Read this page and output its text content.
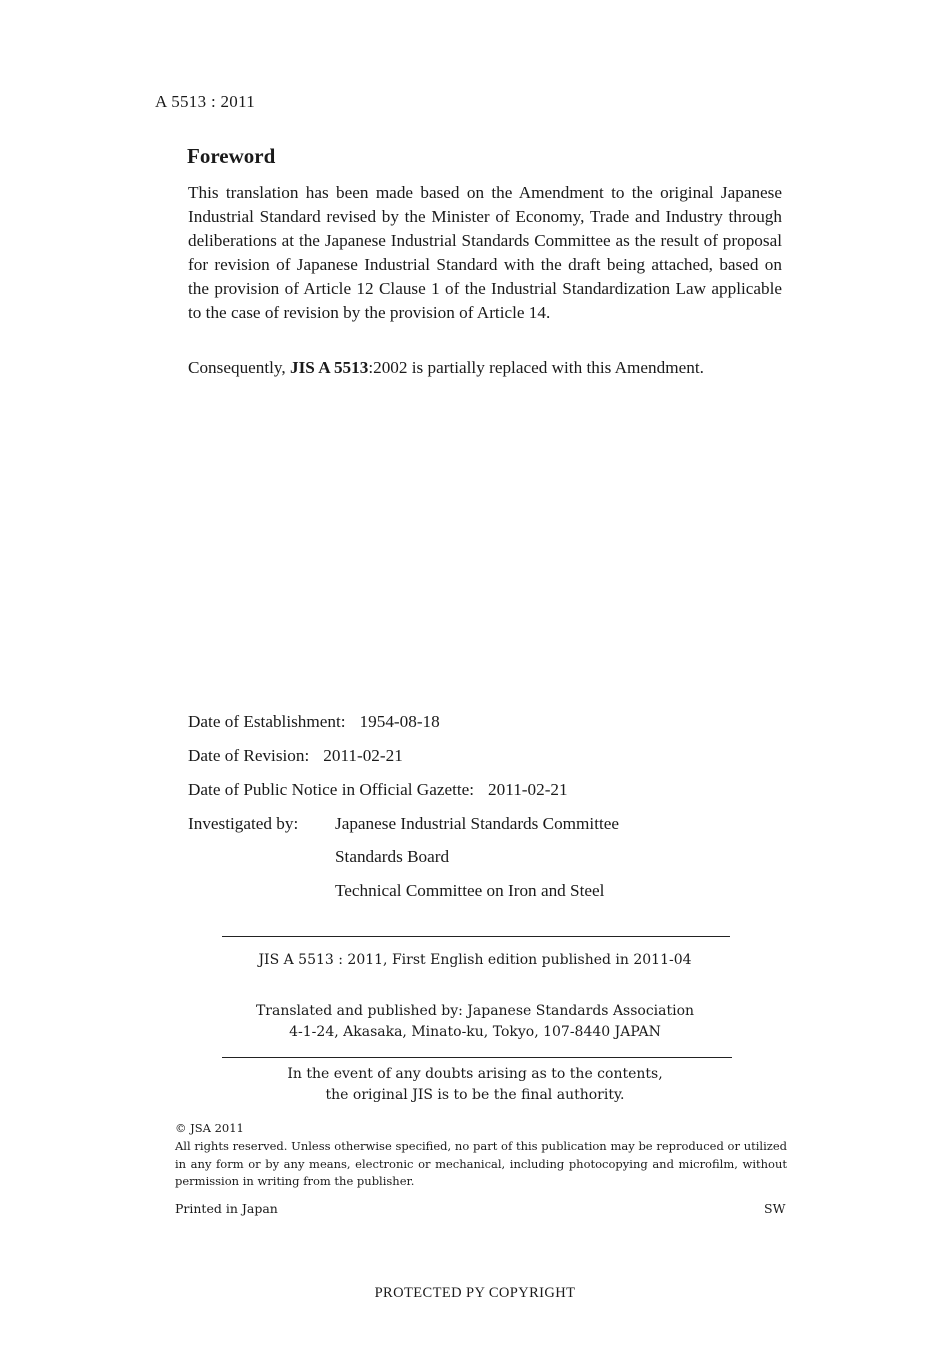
A 5513 : 2011
Foreword

This translation has been made based on the Amendment to the original Japanese Industrial Standard revised by the Minister of Economy, Trade and Industry through deliberations at the Japanese Industrial Standards Committee as the result of proposal for revision of Japanese Industrial Standard with the draft being attached, based on the provision of Article 12 Clause 1 of the Industrial Standardization Law applicable to the case of revision by the provision of Article 14.

Consequently, JIS A 5513:2002 is partially replaced with this Amendment.

Date of Establishment: 1954-08-18
Date of Revision: 2011-02-21
Date of Public Notice in Official Gazette: 2011-02-21
Investigated by: Japanese Industrial Standards Committee
Standards Board
Technical Committee on Iron and Steel
JIS A 5513 : 2011, First English edition published in 2011-04
Translated and published by: Japanese Standards Association
4-1-24, Akasaka, Minato-ku, Tokyo, 107-8440 JAPAN
In the event of any doubts arising as to the contents,
the original JIS is to be the final authority.
© JSA 2011

All rights reserved. Unless otherwise specified, no part of this publication may be reproduced or utilized in any form or by any means, electronic or mechanical, including photocopying and microfilm, without permission in writing from the publisher.

Printed in Japan	SW
PROTECTED PY COPYRIGHT
